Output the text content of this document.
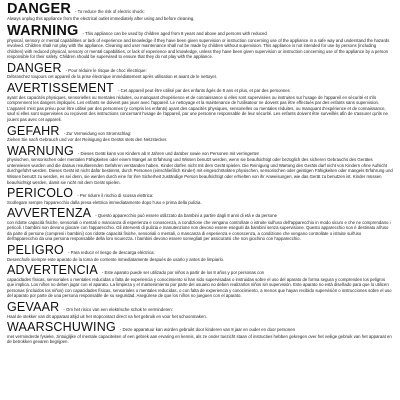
DANGER - To reduce the risk of electric shock:
Always unplug this appliance from the electrical outlet immediately after using and before cleaning.
WARNING - This appliance can be used by children aged from 8 years and above and persons with reduced
physical, sensory or mental capabilities or lack of experience and knowledge if they have been given supervision or instruction concerning use of the appliance in a safe way and understand the hazards involved. Children shall not play with the appliance. Cleaning and user maintenance shall not be made by children without supervision. This appliance is not intended for use by persons (including children) with reduced physical, sensory or mental capabilities, or lack of experience and knowledge, unless they have been given supervision or instruction concerning use of the appliance by a person responsible for their safety. Children should be supervised to ensure that they do not play with the appliance.
DANGER - Pour réduire le risque de choc électrique:
Débranchez toujours cet appareil de la prise électrique immédiatement après utilisation et avant de le nettoyer.
AVERTISSEMENT - Cet appareil peut être utilisé par des enfants âgés de 8 ans et plus, et par des personnes
ayant des capacités physiques, sensorielles ou mentales réduites, ou manquant d'expérience et de connaissance si elles sont supervisées ou instruites sur l'usage de l'appareil en sécurité et s'ils comprennent les dangers impliqués. Les enfants ne doivent pas jouer avec l'appareil. Le nettoyage et la maintenance de l'utilisateur ne doivent pas être effectués par des enfants sans supervision. L'appareil n'est pas prévu pour être utilisé par des personnes (y compris les enfants) ayant des capacités physiques, sensorielles ou mentales réduites, ou manquant d'expérience et de connaissance, sauf si elles sont supervisées ou reçoivent des instructions concernant l'usage de l'appareil, par une personne responsable de leur sécurité. Les enfants doivent être surveillés afin de s'assurer qu'ils ne jouent pas avec cet appareil.
GEFAHR - Zur Vermeidung von Stromschlag:
Ziehen Sie nach Gebrauch und vor der Reinigung des Geräts stets den Netzstecker.
WARNUNG - Dieses Gerät kann von Kindern ab 8 Jahren und darüber sowie von Personen mit verringerten
physischen, sensorischen oder mentalen Fähigkeiten oder einem Mangel an Erfahrung und Wissen benutzt werden, wenn sie beaufsichtigt oder bezüglich des sicheren Gebrauchs des Gerätes unterwiesen wurden und die daraus resultierenden Gefahren verstanden haben. Kinder dürfen nicht mit dem Gerät spielen. Die Reinigung und Wartung des Geräts darf nicht von Kindern ohne Aufsicht durchgeführt werden. Dieses Gerät ist nicht dafür bestimmt, durch Personen (einschließlich Kinder) mit eingeschränkten physischen, sensorischen oder geistigen Fähigkeiten oder mangels Erfahrung und Wissen benutzt zu werden, es sei denn, sie werden durch eine für ihre Sicherheit zuständige Person beaufsichtigt oder erhielten von ihr Anweisungen, wie das Gerät zu benutzen ist. Kinder müssen beaufsichtigt werden, damit sie nicht mit dem Gerät spielen.
PERICOLO - Per ridurre il rischio di scossa elettrica:
Scollegare sempre l'apparecchio dalla presa elettrica immediatamente dopo l'uso e prima della pulizia.
AVVERTENZA - Questo apparecchio può essere utilizzato da bambini a partire dagli 8 anni di età e da persone
con ridotte capacità fisiche, sensoriali o mentali o mancanza di esperienza e conoscenza, a condizione che vengano controllate o istruite sull'uso dell'apparecchio in modo sicuro e che ne comprendano i pericoli. I bambini non devono giocare con l'apparecchio. Gli interventi di pulizia e manutenzione non devono essere eseguiti da bambini senza supervisione. Questo apparecchio non è destinato all'uso da parte di persone (compresi i bambini) con ridotte capacità fisiche, sensoriali o mentali, o mancanza di esperienza e conoscenza, a condizione che vengano controllate o istruite sull'uso dell'apparecchio da una persona responsabile della loro sicurezza. I bambini devono essere sorvegliati per assicurarsi che non giochino con l'apparecchio.
PELIGRO - Para reducir el riesgo de descarga eléctrica:
Desenchufe siempre este aparato de la toma de corriente inmediatamente después de usarlo y antes de limpiarlo.
ADVERTENCIA - Este aparato puede ser utilizado por niños a partir de los 8 años y por personas con
capacidades físicas, sensoriales o mentales reducidas o falta de experiencia y conocimiento si han sido supervisadas o instruidas sobre el uso del aparato de forma segura y comprenden los peligros que implica. Los niños no deben jugar con el aparato. La limpieza y el mantenimiento por parte del usuario no deben realizarlos niños sin supervisión. Este aparato no está diseñado para que lo utilicen personas (incluidos los niños) con capacidades físicas, sensoriales o mentales reducidas, o con falta de experiencia y conocimiento, a menos que hayan recibido supervisión o instrucciones sobre el uso del aparato por parte de una persona responsable de su seguridad. Asegúrese de que los niños no jueguen con el aparato.
GEVAAR - Om het risico van een elektrische schok te verminderen:
Haal de stekker van dit apparaat altijd uit het stopcontact direct na het gebruik en voor het schoonmaken.
WAARSCHUWING - Deze apparatuur kan worden gebruikt door kinderen van 8 jaar en ouder en door personen
met verminderde fysieke, zintuiglijke of mentale capaciteiten of een gebrek aan ervaring en kennis, als ze onder toezicht staan of instructies hebben gekregen over het veilige gebruik van het apparaat en de betrokken gevaren begrijpen.
